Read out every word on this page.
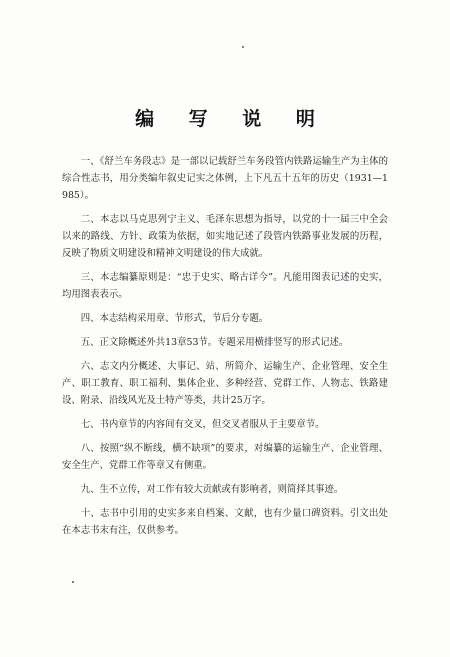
编 写 说 明

一、《舒兰车务段志》是一部以记载舒兰车务段管内铁路运输生产为主体的综合性志书，用分类编年叙史记实之体例，上下凡五十五年的历史（1931—1985）。

二、本志以马克思列宁主义、毛泽东思想为指导，以党的十一届三中全会以来的路线、方针、政策为依据，如实地记述了段管内铁路事业发展的历程，反映了物质文明建设和精神文明建设的伟大成就。

三、本志编纂原则是：“忠于史实、略古详今”。凡能用图表记述的史实，均用图表表示。

四、本志结构采用章、节形式，节后分专题。

五、正文除概述外共13章53节。专题采用横排竖写的形式记述。

六、志文内分概述、大事记、站、所简介、运输生产、企业管理、安全生产、职工教育、职工福利、集体企业、多种经营、党群工作、人物志、铁路建设、附录、沿线风光及土特产等类，共计25万字。

七、书内章节的内容间有交叉，但交叉者服从于主要章节。

八、按照“纵不断线，横不缺项”的要求，对编纂的运输生产、企业管理、安全生产、党群工作等章又有侧重。

九、生不立传，对工作有较大贡献或有影响者，则简择其事迹。

十、志书中引用的史实多来自档案、文献，也有少量口碑资料。引文出处在本志书末有注，仅供参考。
